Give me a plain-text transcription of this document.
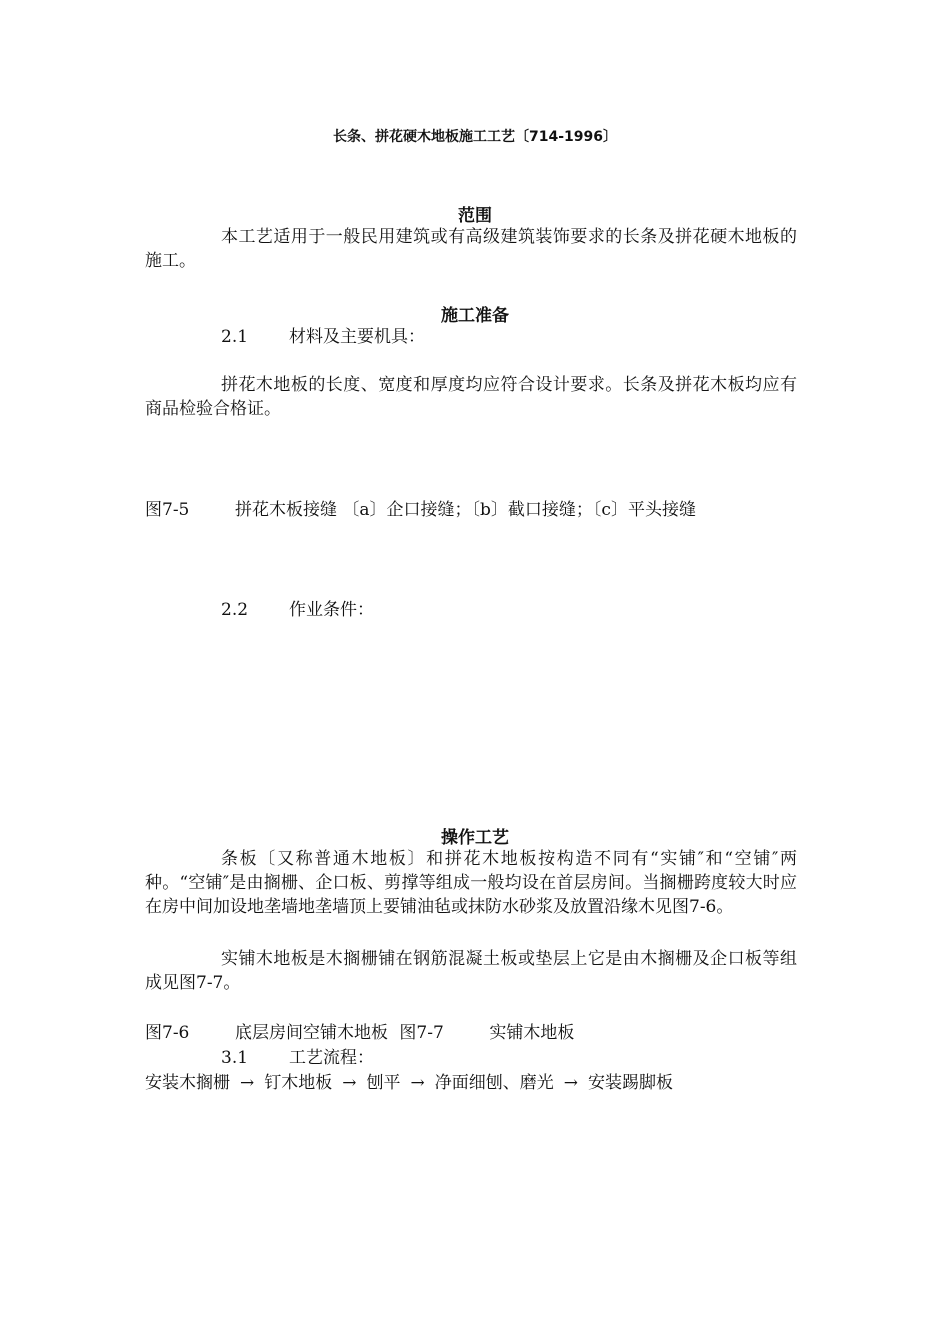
长条、拼花硬木地板施工工艺〔714-1996〕
范围
本工艺适用于一般民用建筑或有高级建筑装饰要求的长条及拼花硬木地板的施工。
施工准备
2.1 材料及主要机具：
拼花木地板的长度、宽度和厚度均应符合设计要求。长条及拼花木板均应有商品检验合格证。
图7-5	拼花木板接缝 〔a〕企口接缝；〔b〕截口接缝；〔c〕平头接缝
2.2 作业条件：
操作工艺
条板〔又称普通木地板〕和拼花木地板按构造不同有“实铺″和“空铺″两种。“空铺″是由搁栅、企口板、剪撑等组成一般均设在首层房间。当搁栅跨度较大时应在房中间加设地垄墙地垄墙顶上要铺油毡或抹防水砂浆及放置沿缘木见图7-6。
实铺木地板是木搁栅铺在钢筋混凝土板或垫层上它是由木搁栅及企口板等组成见图7-7。
图7-6	底层房间空铺木地板 图7-7	实铺木地板
3.1 工艺流程：
安装木搁栅 → 钉木地板 → 刨平 → 净面细刨、磨光 → 安装踢脚板
